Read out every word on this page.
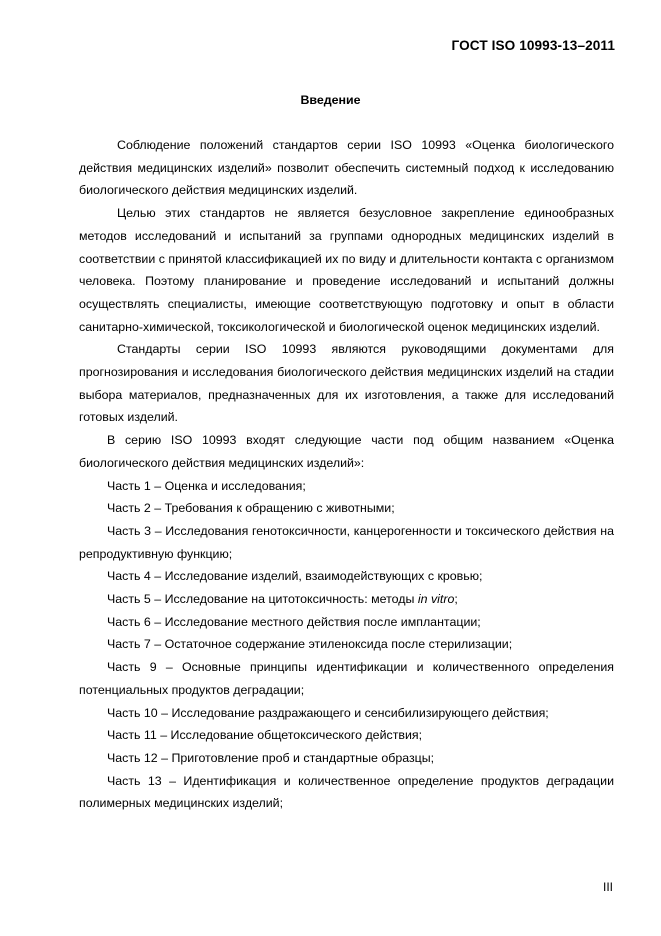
ГОСТ ISO 10993-13–2011
Введение

Соблюдение положений стандартов серии ISO 10993 «Оценка биологического действия медицинских изделий» позволит обеспечить системный подход к исследованию биологического действия медицинских изделий.

Целью этих стандартов не является безусловное закрепление единообразных методов исследований и испытаний за группами однородных медицинских изделий в соответствии с принятой классификацией их по виду и длительности контакта с организмом человека. Поэтому планирование и проведение исследований и испытаний должны осуществлять специалисты, имеющие соответствующую подготовку и опыт в области санитарно-химической, токсикологической и биологической оценок медицинских изделий.

Стандарты серии ISO 10993 являются руководящими документами для прогнозирования и исследования биологического действия медицинских изделий на стадии выбора материалов, предназначенных для их изготовления, а также для исследований готовых изделий.

В серию ISO 10993 входят следующие части под общим названием «Оценка биологического действия медицинских изделий»:

Часть 1 – Оценка и исследования;

Часть 2 – Требования к обращению с животными;

Часть 3 – Исследования генотоксичности, канцерогенности и токсического действия на репродуктивную функцию;

Часть 4 – Исследование изделий, взаимодействующих с кровью;

Часть 5 – Исследование на цитотоксичность: методы in vitro;

Часть 6 – Исследование местного действия после имплантации;

Часть 7 – Остаточное содержание этиленоксида после стерилизации;

Часть 9 – Основные принципы идентификации и количественного определения потенциальных продуктов деградации;

Часть 10 – Исследование раздражающего и сенсибилизирующего действия;

Часть 11 – Исследование общетоксического действия;

Часть 12 – Приготовление проб и стандартные образцы;

Часть 13 – Идентификация и количественное определение продуктов деградации полимерных медицинских изделий;

III
